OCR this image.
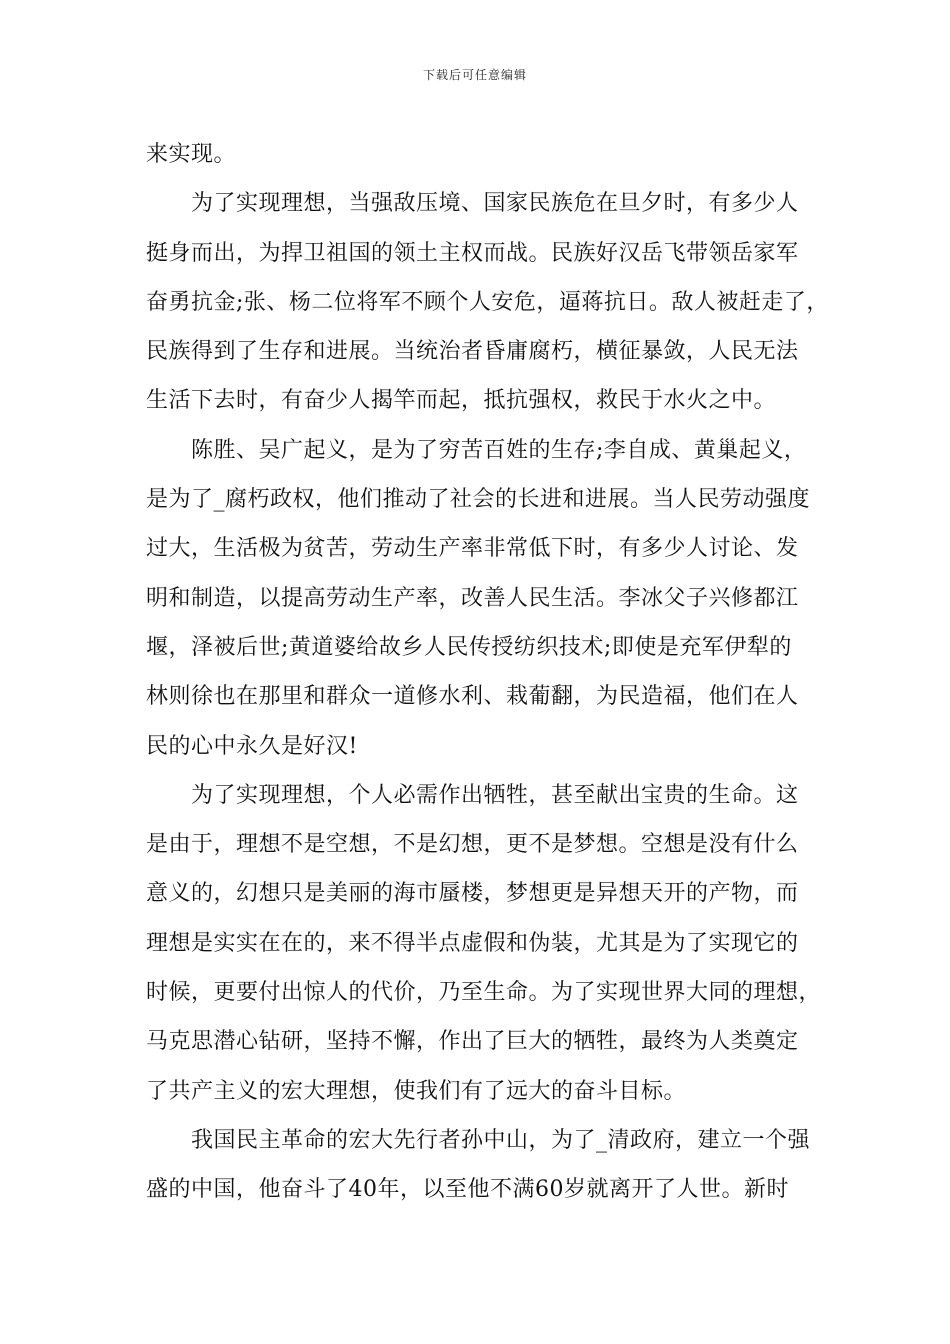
下载后可任意编辑
来实现。
　　为了实现理想，当强敌压境、国家民族危在旦夕时，有多少人
挺身而出，为捍卫祖国的领土主权而战。民族好汉岳飞带领岳家军
奋勇抗金;张、杨二位将军不顾个人安危，逼蒋抗日。敌人被赶走了，
民族得到了生存和进展。当统治者昏庸腐朽，横征暴敛，人民无法
生活下去时，有奋少人揭竿而起，抵抗强权，救民于水火之中。
　　陈胜、吴广起义，是为了穷苦百姓的生存;李自成、黄巢起义，
是为了_腐朽政权，他们推动了社会的长进和进展。当人民劳动强度
过大，生活极为贫苦，劳动生产率非常低下时，有多少人讨论、发
明和制造，以提高劳动生产率，改善人民生活。李冰父子兴修都江
堰，泽被后世;黄道婆给故乡人民传授纺织技术;即使是充军伊犁的
林则徐也在那里和群众一道修水利、栽葡翻，为民造福，他们在人
民的心中永久是好汉!
　　为了实现理想，个人必需作出牺牲，甚至献出宝贵的生命。这
是由于，理想不是空想，不是幻想，更不是梦想。空想是没有什么
意义的，幻想只是美丽的海市蜃楼，梦想更是异想天开的产物，而
理想是实实在在的，来不得半点虚假和伪装，尤其是为了实现它的
时候，更要付出惊人的代价，乃至生命。为了实现世界大同的理想，
马克思潜心钻研，坚持不懈，作出了巨大的牺牲，最终为人类奠定
了共产主义的宏大理想，使我们有了远大的奋斗目标。
　　我国民主革命的宏大先行者孙中山，为了_清政府，建立一个强
盛的中国，他奋斗了40年，以至他不满60岁就离开了人世。新时
